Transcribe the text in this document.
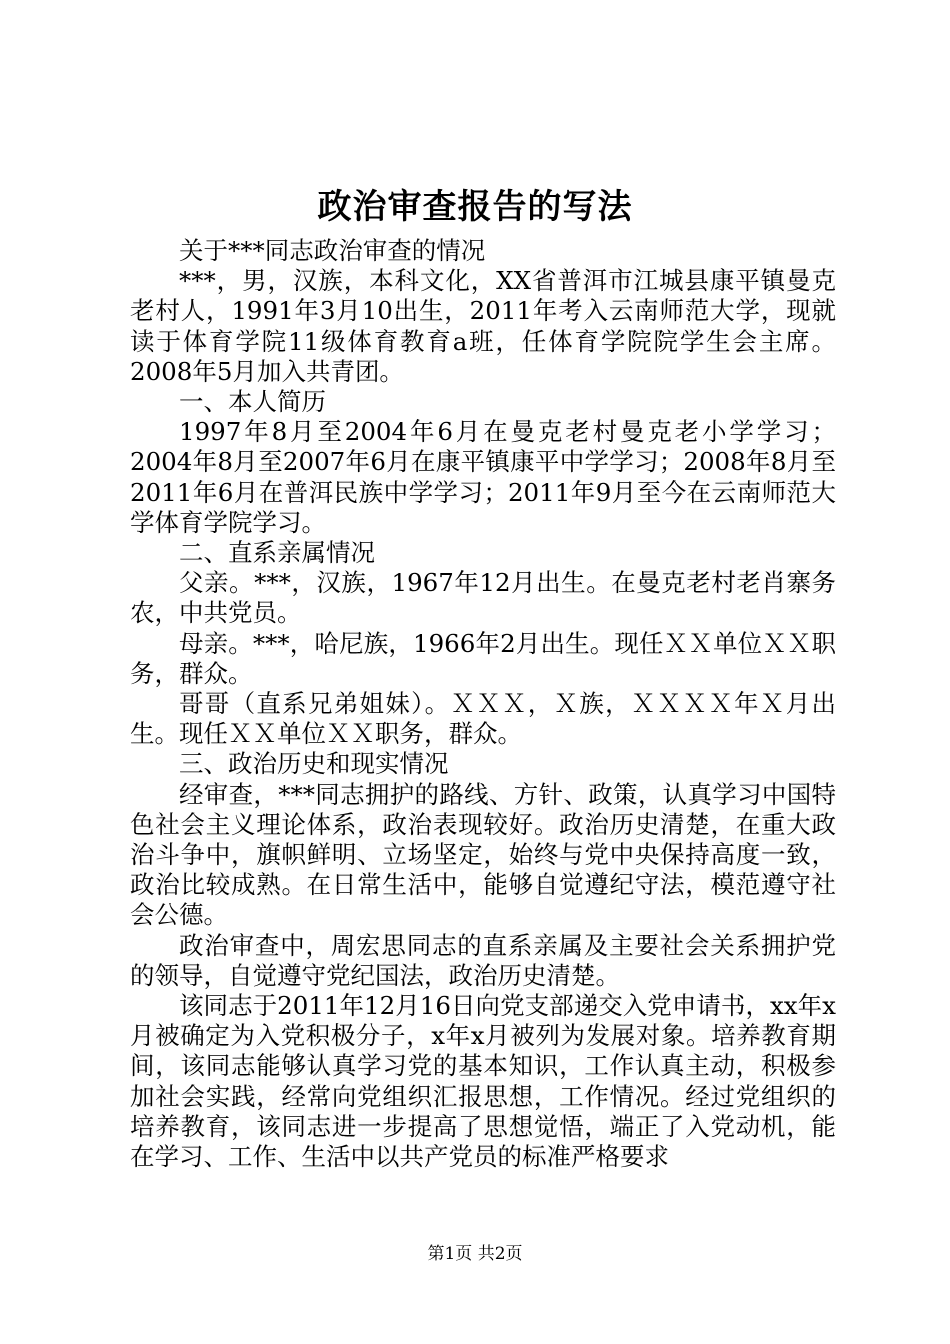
政治审查报告的写法

关于***同志政治审查的情况

***，男，汉族，本科文化，XX省普洱市江城县康平镇曼克老村人，1991年3月10出生，2011年考入云南师范大学，现就读于体育学院11级体育教育a班，任体育学院院学生会主席。2008年5月加入共青团。

一、本人简历

1997年8月至2004年6月在曼克老村曼克老小学学习；2004年8月至2007年6月在康平镇康平中学学习；2008年8月至2011年6月在普洱民族中学学习；2011年9月至今在云南师范大学体育学院学习。

二、直系亲属情况

父亲。***，汉族，1967年12月出生。在曼克老村老肖寨务农，中共党员。

母亲。***，哈尼族，1966年2月出生。现任ＸＸ单位ＸＸ职务，群众。

哥哥（直系兄弟姐妹）。ＸＸＸ，Ｘ族，ＸＸＸＸ年Ｘ月出生。现任ＸＸ单位ＸＸ职务，群众。

三、政治历史和现实情况

经审查，***同志拥护的路线、方针、政策，认真学习中国特色社会主义理论体系，政治表现较好。政治历史清楚，在重大政治斗争中，旗帜鲜明、立场坚定，始终与党中央保持高度一致，政治比较成熟。在日常生活中，能够自觉遵纪守法，模范遵守社会公德。

政治审查中，周宏思同志的直系亲属及主要社会关系拥护党的领导，自觉遵守党纪国法，政治历史清楚。

该同志于2011年12月16日向党支部递交入党申请书，xx年x月被确定为入党积极分子，x年x月被列为发展对象。培养教育期间，该同志能够认真学习党的基本知识，工作认真主动，积极参加社会实践，经常向党组织汇报思想，工作情况。经过党组织的培养教育，该同志进一步提高了思想觉悟，端正了入党动机，能在学习、工作、生活中以共产党员的标准严格要求

第1页 共2页
